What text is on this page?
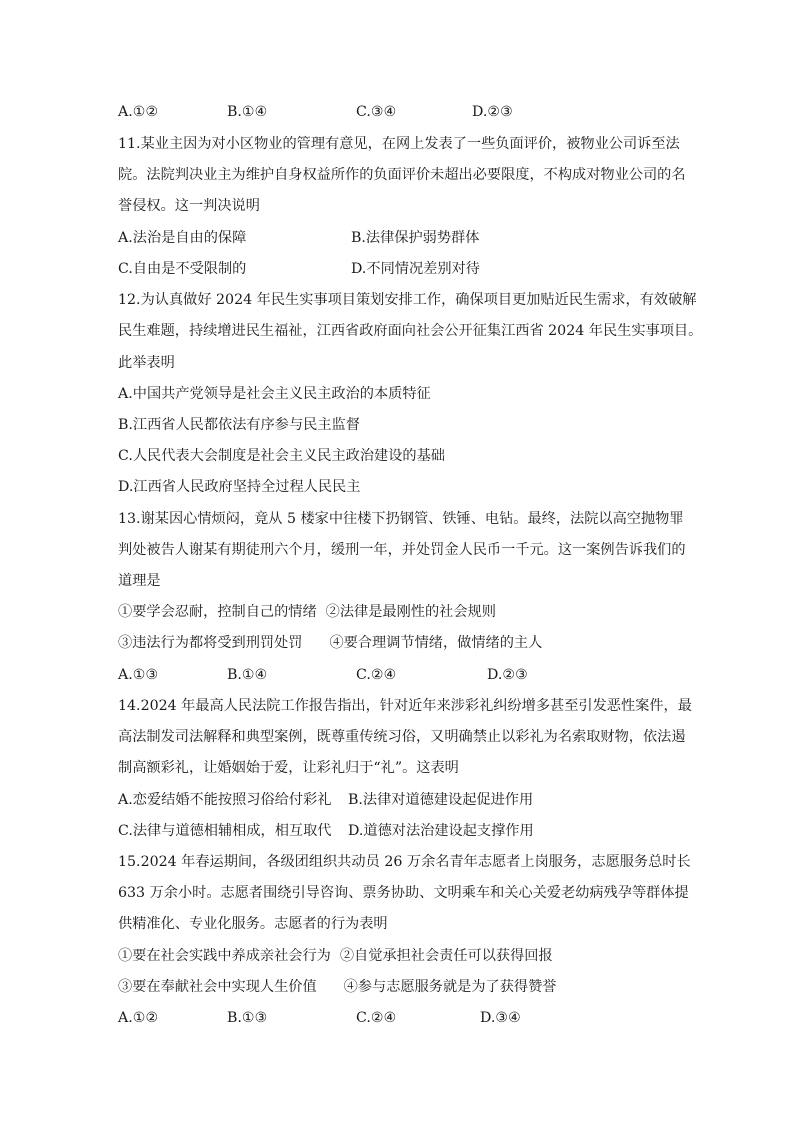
A.①②	B.①④	C.③④	D.②③
11.某业主因为对小区物业的管理有意见，在网上发表了一些负面评价，被物业公司诉至法
院。法院判决业主为维护自身权益所作的负面评价未超出必要限度，不构成对物业公司的名
誉侵权。这一判决说明
A.法治是自由的保障	B.法律保护弱势群体
C.自由是不受限制的	D.不同情况差别对待
12.为认真做好 2024 年民生实事项目策划安排工作，确保项目更加贴近民生需求，有效破解
民生难题，持续增进民生福祉，江西省政府面向社会公开征集江西省 2024 年民生实事项目。
此举表明
A.中国共产党领导是社会主义民主政治的本质特征
B.江西省人民都依法有序参与民主监督
C.人民代表大会制度是社会主义民主政治建设的基础
D.江西省人民政府坚持全过程人民民主
13.谢某因心情烦闷，竟从 5 楼家中往楼下扔钢管、铁锤、电钻。最终，法院以高空抛物罪
判处被告人谢某有期徒刑六个月，缓刑一年，并处罚金人民币一千元。这一案例告诉我们的
道理是
①要学会忍耐，控制自己的情绪  ②法律是最刚性的社会规则
③违法行为都将受到刑罚处罚      ④要合理调节情绪，做情绪的主人
A.①③	B.①④	C.②④	D.②③
14.2024 年最高人民法院工作报告指出，针对近年来涉彩礼纠纷增多甚至引发恶性案件，最
高法制发司法解释和典型案例，既尊重传统习俗，又明确禁止以彩礼为名索取财物，依法遏
制高额彩礼，让婚姻始于爱，让彩礼归于“礼”。这表明
A.恋爱结婚不能按照习俗给付彩礼 B.法律对道德建设起促进作用
C.法律与道德相辅相成，相互取代 D.道德对法治建设起支撑作用
15.2024 年春运期间，各级团组织共动员 26 万余名青年志愿者上岗服务，志愿服务总时长
633 万余小时。志愿者围绕引导咨询、票务协助、文明乘车和关心关爱老幼病残孕等群体提
供精准化、专业化服务。志愿者的行为表明
①要在社会实践中养成亲社会行为  ②自觉承担社会责任可以获得回报
③要在奉献社会中实现人生价值      ④参与志愿服务就是为了获得赞誉
A.①②	B.①③	C.②④	D.③④
